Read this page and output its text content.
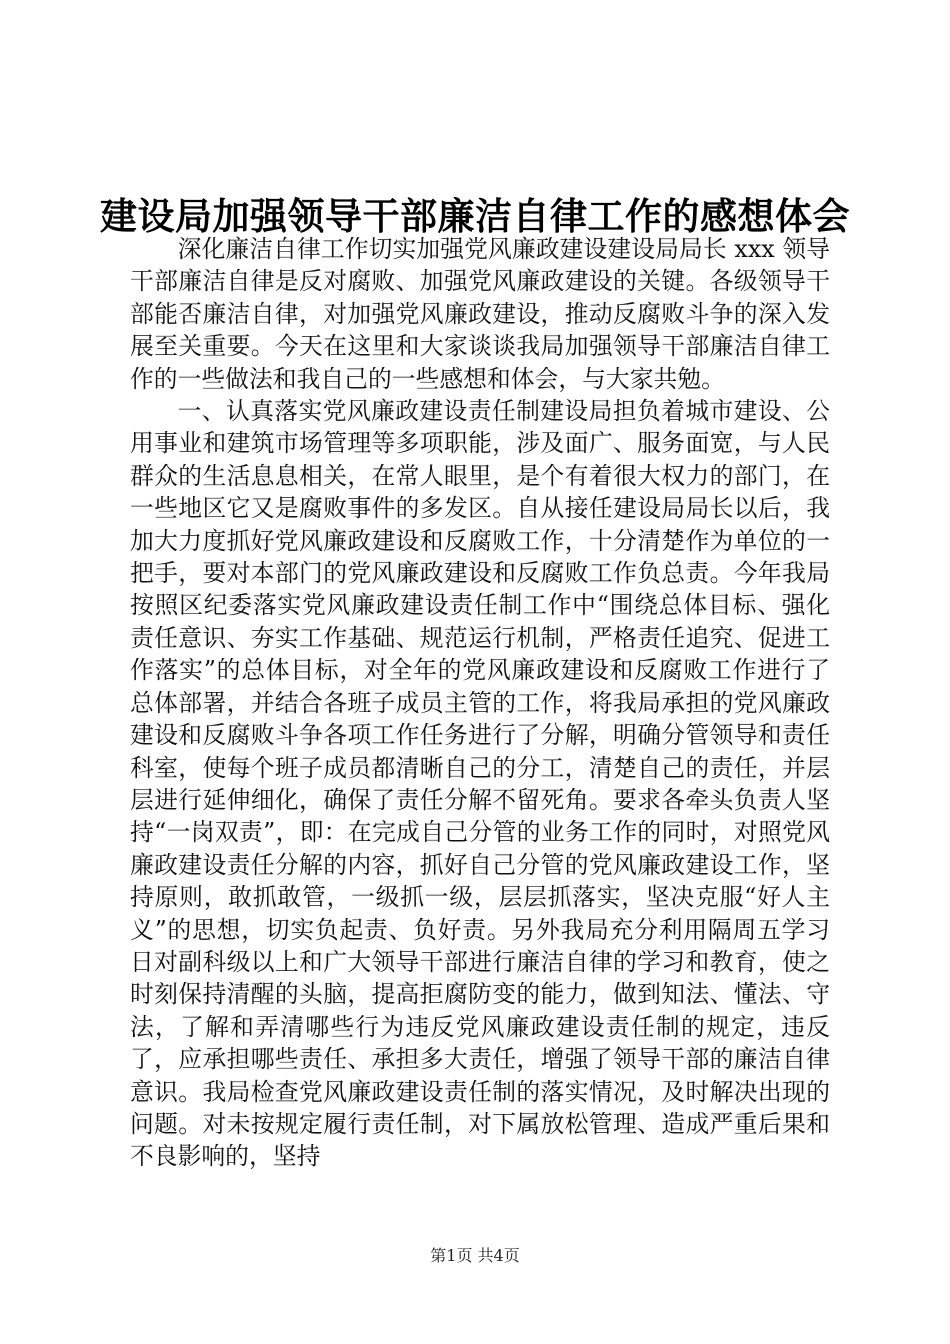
建设局加强领导干部廉洁自律工作的感想体会

深化廉洁自律工作切实加强党风廉政建设建设局局长 xxx 领导干部廉洁自律是反对腐败、加强党风廉政建设的关键。各级领导干部能否廉洁自律，对加强党风廉政建设，推动反腐败斗争的深入发展至关重要。今天在这里和大家谈谈我局加强领导干部廉洁自律工作的一些做法和我自己的一些感想和体会，与大家共勉。

一、认真落实党风廉政建设责任制建设局担负着城市建设、公用事业和建筑市场管理等多项职能，涉及面广、服务面宽，与人民群众的生活息息相关，在常人眼里，是个有着很大权力的部门，在一些地区它又是腐败事件的多发区。自从接任建设局局长以后，我加大力度抓好党风廉政建设和反腐败工作，十分清楚作为单位的一把手，要对本部门的党风廉政建设和反腐败工作负总责。今年我局按照区纪委落实党风廉政建设责任制工作中“围绕总体目标、强化责任意识、夯实工作基础、规范运行机制，严格责任追究、促进工作落实”的总体目标，对全年的党风廉政建设和反腐败工作进行了总体部署，并结合各班子成员主管的工作，将我局承担的党风廉政建设和反腐败斗争各项工作任务进行了分解，明确分管领导和责任科室，使每个班子成员都清晰自己的分工，清楚自己的责任，并层层进行延伸细化，确保了责任分解不留死角。要求各牵头负责人坚持“一岗双责”，即：在完成自己分管的业务工作的同时，对照党风廉政建设责任分解的内容，抓好自己分管的党风廉政建设工作，坚持原则，敢抓敢管，一级抓一级，层层抓落实，坚决克服“好人主义”的思想，切实负起责、负好责。另外我局充分利用隔周五学习日对副科级以上和广大领导干部进行廉洁自律的学习和教育，使之时刻保持清醒的头脑，提高拒腐防变的能力，做到知法、懂法、守法，了解和弄清哪些行为违反党风廉政建设责任制的规定，违反了，应承担哪些责任、承担多大责任，增强了领导干部的廉洁自律意识。我局检查党风廉政建设责任制的落实情况，及时解决出现的问题。对未按规定履行责任制，对下属放松管理、造成严重后果和不良影响的，坚持

第1页 共4页
